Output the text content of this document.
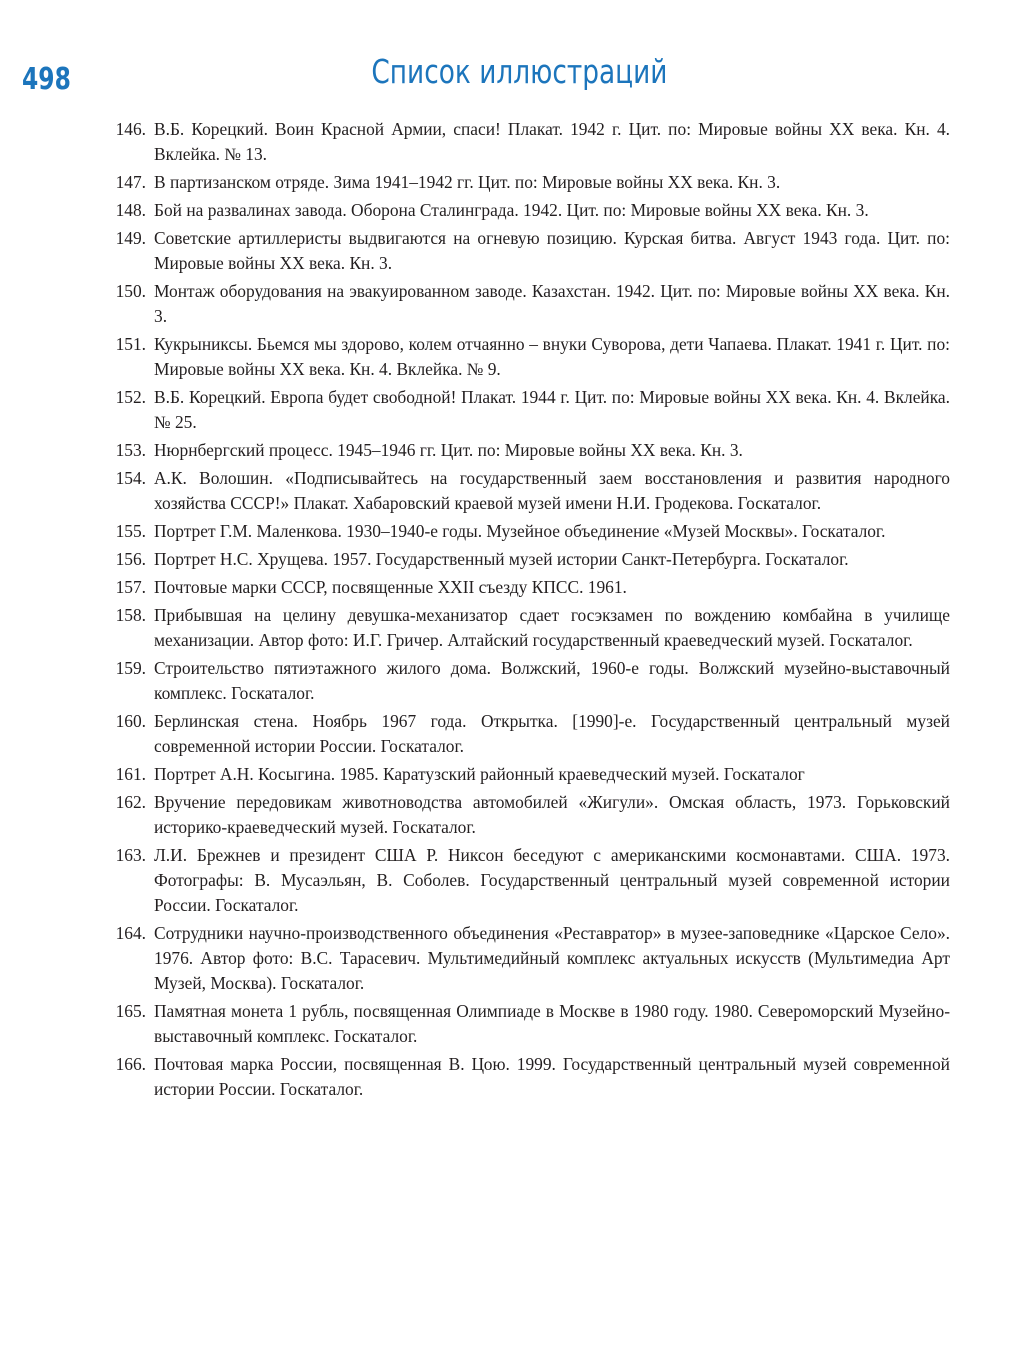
498	Список иллюстраций
146. В.Б. Корецкий. Воин Красной Армии, спаси! Плакат. 1942 г. Цит. по: Мировые войны XX века. Кн. 4. Вклейка. № 13.
147. В партизанском отряде. Зима 1941–1942 гг. Цит. по: Мировые войны XX века. Кн. 3.
148. Бой на развалинах завода. Оборона Сталинграда. 1942. Цит. по: Мировые войны XX века. Кн. 3.
149. Советские артиллеристы выдвигаются на огневую позицию. Курская битва. Август 1943 года. Цит. по: Мировые войны XX века. Кн. 3.
150. Монтаж оборудования на эвакуированном заводе. Казахстан. 1942. Цит. по: Мировые войны XX века. Кн. 3.
151. Кукрыниксы. Бьемся мы здорово, колем отчаянно – внуки Суворова, дети Чапаева. Плакат. 1941 г. Цит. по: Мировые войны XX века. Кн. 4. Вклейка. № 9.
152. В.Б. Корецкий. Европа будет свободной! Плакат. 1944 г. Цит. по: Мировые войны XX века. Кн. 4. Вклейка. № 25.
153. Нюрнбергский процесс. 1945–1946 гг. Цит. по: Мировые войны XX века. Кн. 3.
154. А.К. Волошин. «Подписывайтесь на государственный заем восстановления и развития народного хозяйства СССР!» Плакат. Хабаровский краевой музей имени Н.И. Гродекова. Госкаталог.
155. Портрет Г.М. Маленкова. 1930–1940-е годы. Музейное объединение «Музей Москвы». Госкаталог.
156. Портрет Н.С. Хрущева. 1957. Государственный музей истории Санкт-Петербурга. Госкаталог.
157. Почтовые марки СССР, посвященные XXII съезду КПСС. 1961.
158. Прибывшая на целину девушка-механизатор сдает госэкзамен по вождению комбайна в училище механизации. Автор фото: И.Г. Гричер. Алтайский государственный краеведческий музей. Госкаталог.
159. Строительство пятиэтажного жилого дома. Волжский, 1960-е годы. Волжский музейно-выставочный комплекс. Госкаталог.
160. Берлинская стена. Ноябрь 1967 года. Открытка. [1990]-е. Государственный центральный музей современной истории России. Госкаталог.
161. Портрет А.Н. Косыгина. 1985. Каратузский районный краеведческий музей. Госкаталог
162. Вручение передовикам животноводства автомобилей «Жигули». Омская область, 1973. Горьковский историко-краеведческий музей. Госкаталог.
163. Л.И. Брежнев и президент США Р. Никсон беседуют с американскими космонавтами. США. 1973. Фотографы: В. Мусаэльян, В. Соболев. Государственный центральный музей современной истории России. Госкаталог.
164. Сотрудники научно-производственного объединения «Реставратор» в музее-заповеднике «Царское Село». 1976. Автор фото: В.С. Тарасевич. Мультимедийный комплекс актуальных искусств (Мультимедиа Арт Музей, Москва). Госкаталог.
165. Памятная монета 1 рубль, посвященная Олимпиаде в Москве в 1980 году. 1980. Североморский Музейно-выставочный комплекс. Госкаталог.
166. Почтовая марка России, посвященная В. Цою. 1999. Государственный центральный музей современной истории России. Госкаталог.
